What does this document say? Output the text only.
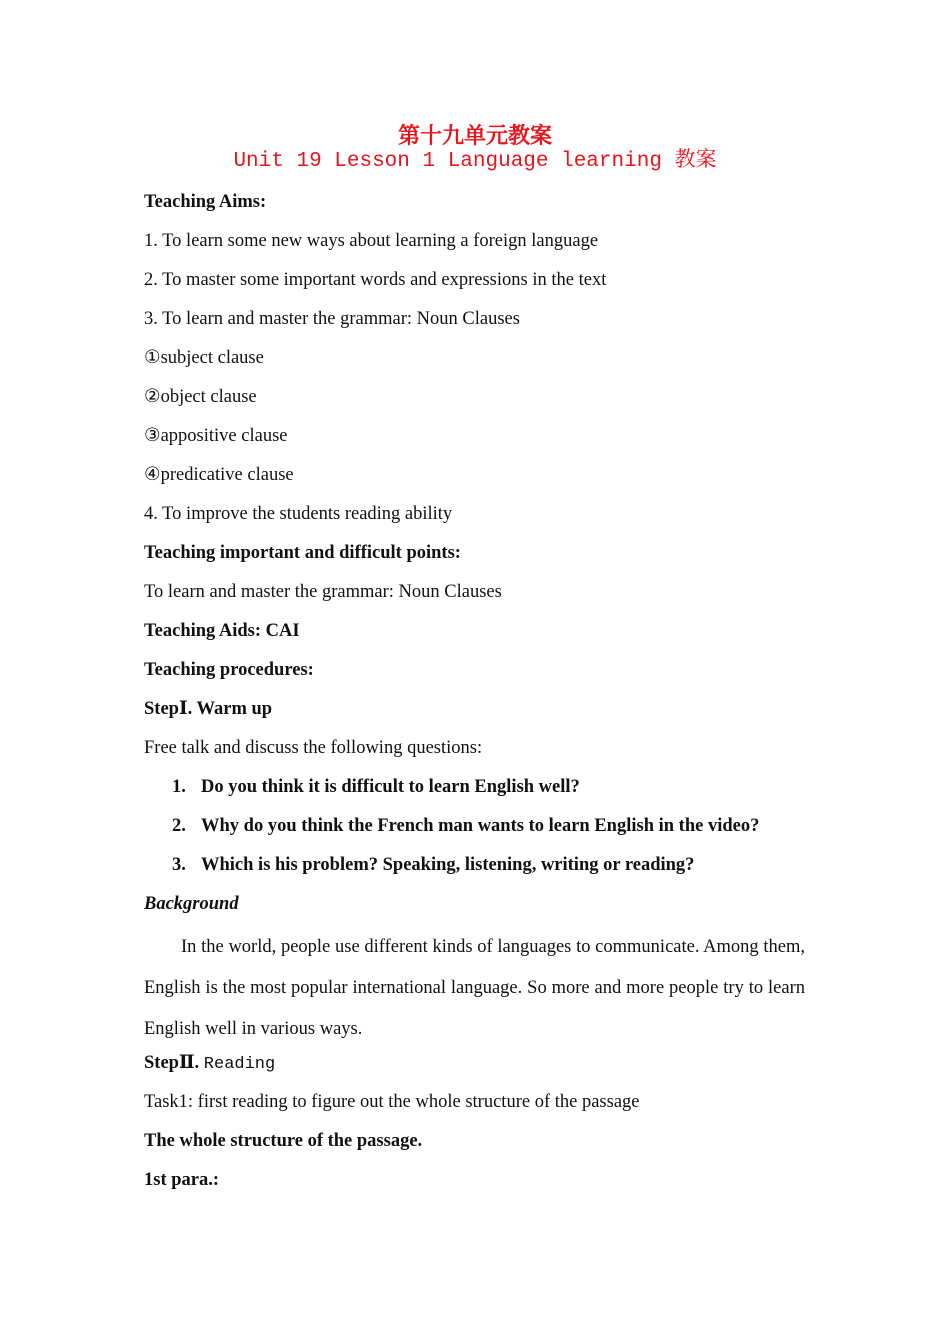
第十九单元教案
Unit 19 Lesson 1 Language learning 教案
Teaching Aims:
1. To learn some new ways about learning a foreign language
2. To master some important words and expressions in the text
3. To learn and master the grammar: Noun Clauses
①subject clause
②object clause
③appositive clause
④predicative clause
4. To improve the students reading ability
Teaching important and difficult points:
To learn and master the grammar: Noun Clauses
Teaching Aids: CAI
Teaching procedures:
StepⅠ. Warm up
Free talk and discuss the following questions:
1. Do you think it is difficult to learn English well?
2. Why do you think the French man wants to learn English in the video?
3. Which is his problem? Speaking, listening, writing or reading?
Background
In the world, people use different kinds of languages to communicate. Among them, English is the most popular international language. So more and more people try to learn English well in various ways.
StepⅡ. Reading
Task1: first reading to figure out the whole structure of the passage
The whole structure of the passage.
1st para.:
